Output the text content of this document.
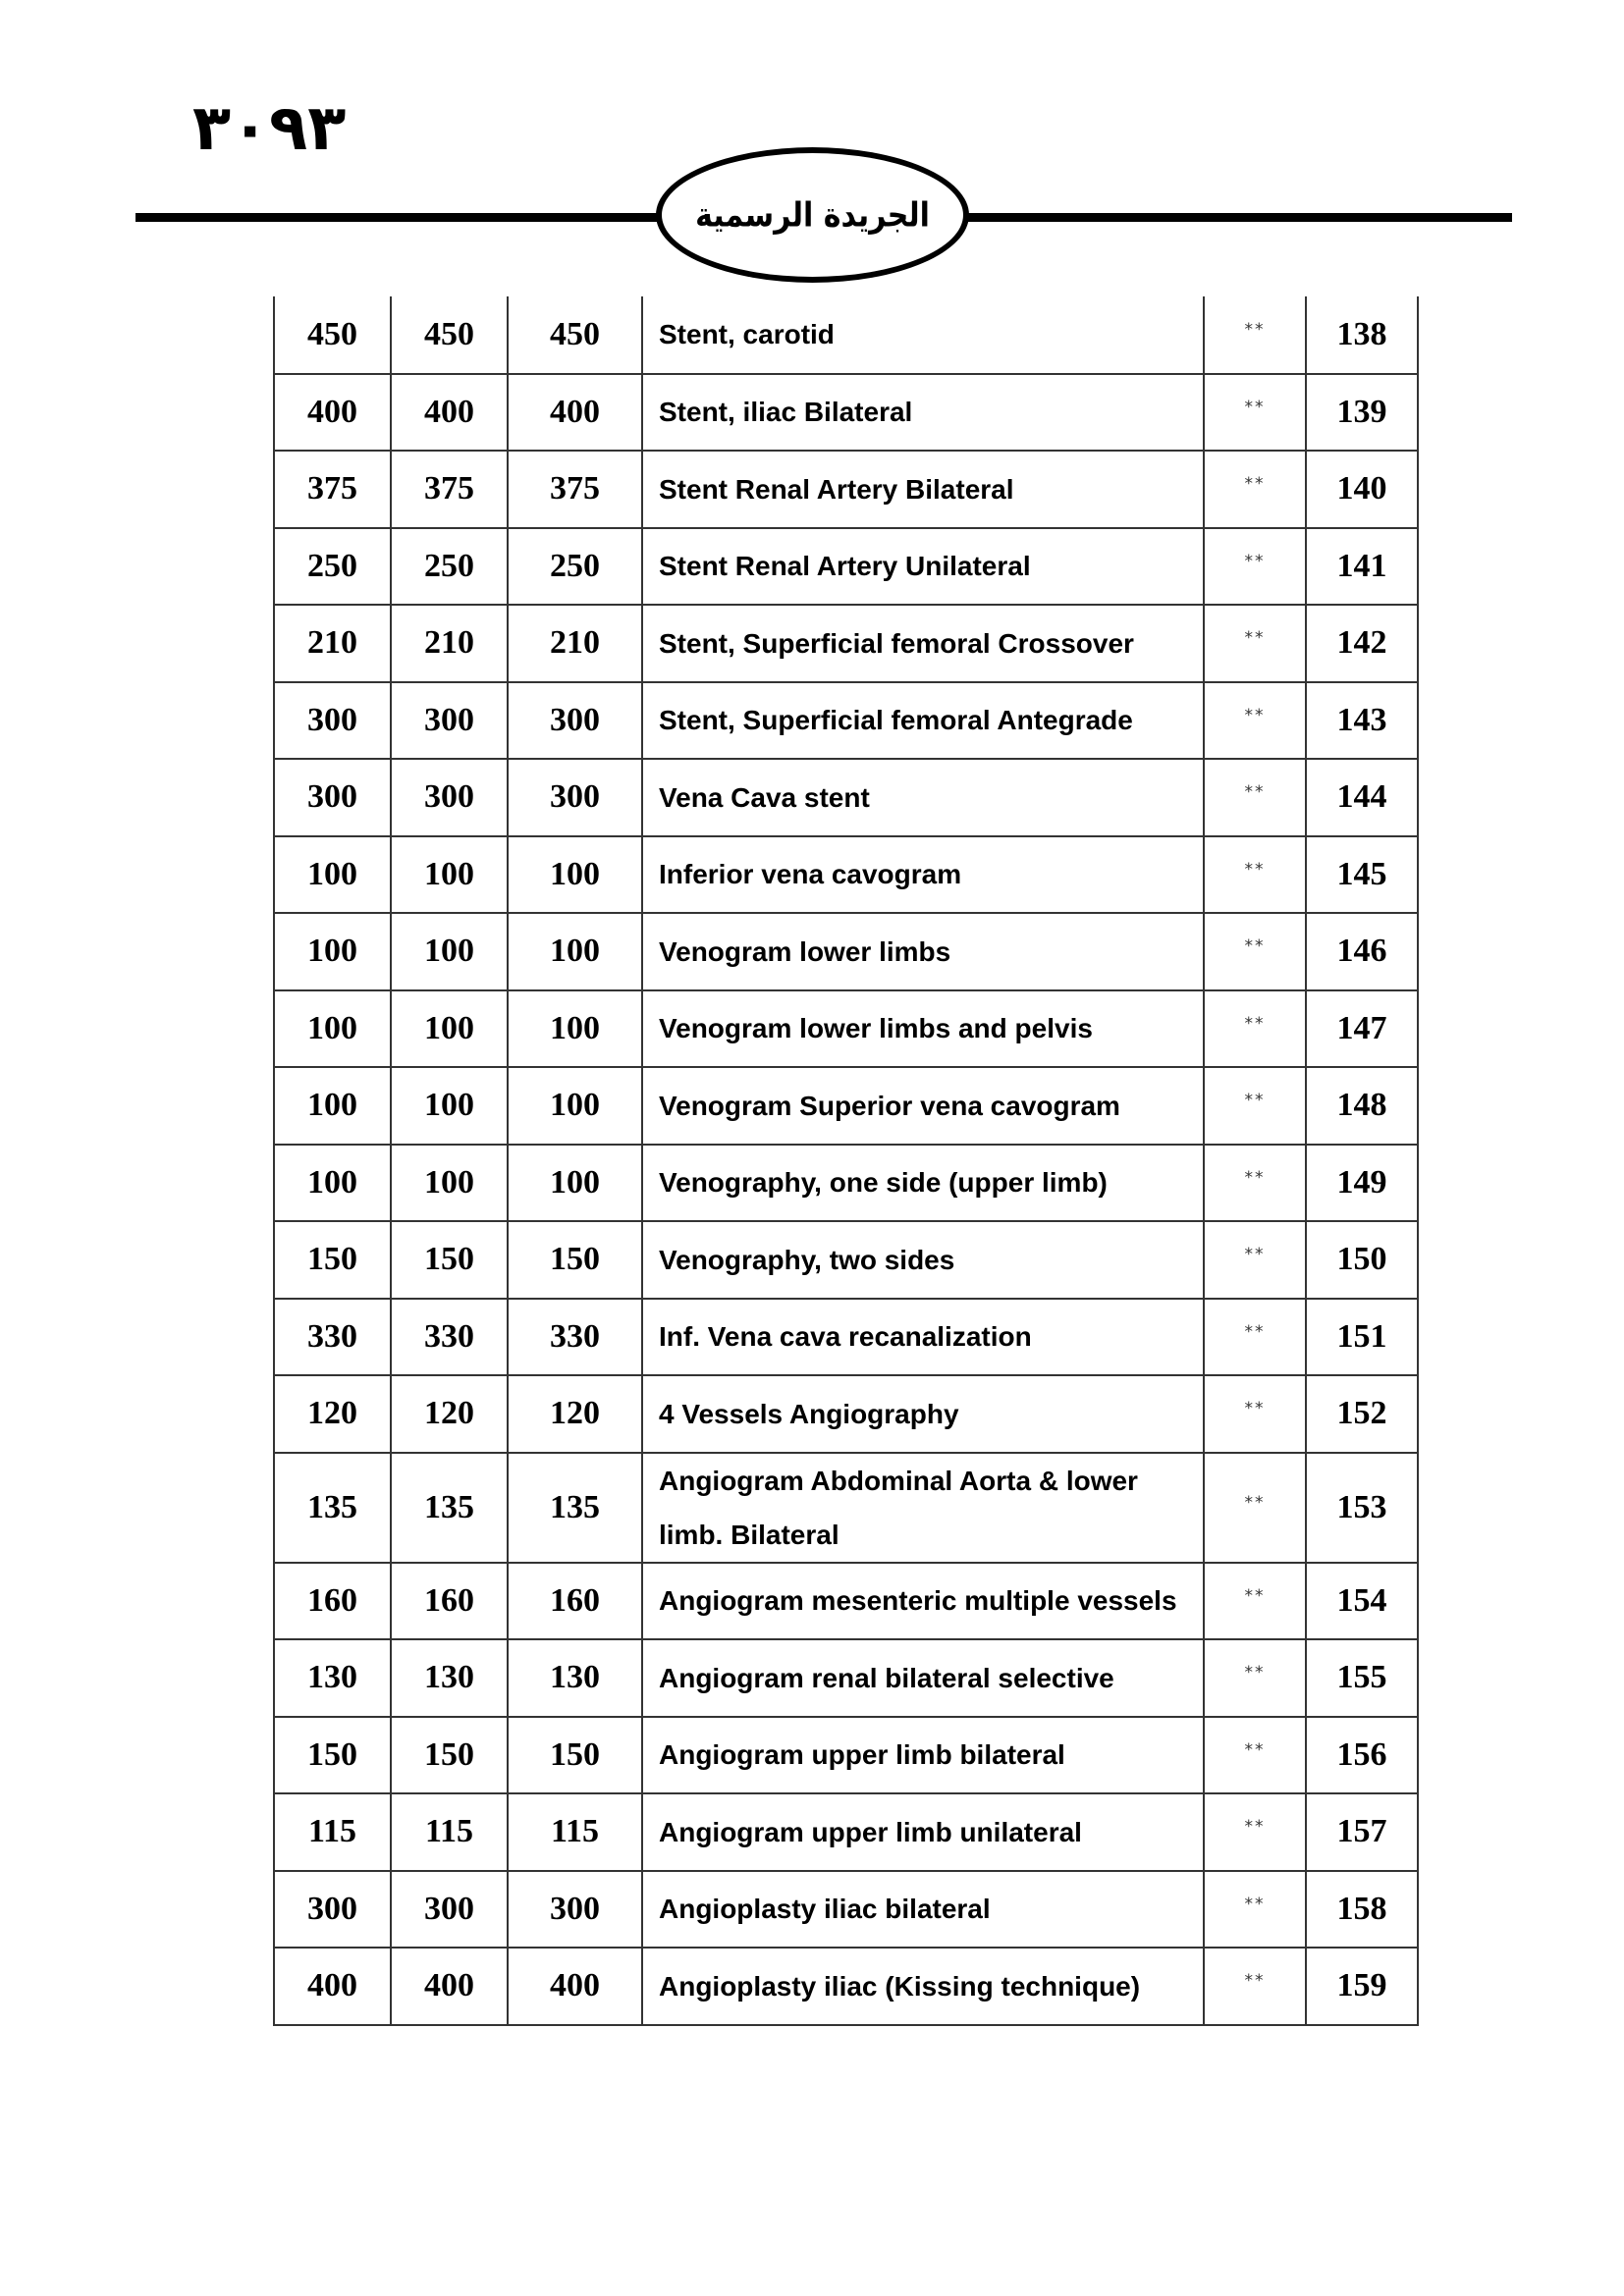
٣٠٩٣
الجريدة الرسمية
450	450	450	Stent, carotid	**	138
400	400	400	Stent, iliac Bilateral	**	139
375	375	375	Stent Renal Artery Bilateral	**	140
250	250	250	Stent Renal Artery Unilateral	**	141
210	210	210	Stent, Superficial femoral Crossover	**	142
300	300	300	Stent, Superficial femoral Antegrade	**	143
300	300	300	Vena Cava stent	**	144
100	100	100	Inferior vena cavogram	**	145
100	100	100	Venogram lower limbs	**	146
100	100	100	Venogram lower limbs and pelvis	**	147
100	100	100	Venogram Superior vena cavogram	**	148
100	100	100	Venography, one side (upper limb)	**	149
150	150	150	Venography, two sides	**	150
330	330	330	Inf. Vena cava recanalization	**	151
120	120	120	4 Vessels Angiography	**	152
135	135	135	Angiogram Abdominal Aorta & lower limb. Bilateral	**	153
160	160	160	Angiogram mesenteric multiple vessels	**	154
130	130	130	Angiogram renal bilateral selective	**	155
150	150	150	Angiogram upper limb bilateral	**	156
115	115	115	Angiogram upper limb unilateral	**	157
300	300	300	Angioplasty iliac bilateral	**	158
400	400	400	Angioplasty iliac (Kissing technique)	**	159
